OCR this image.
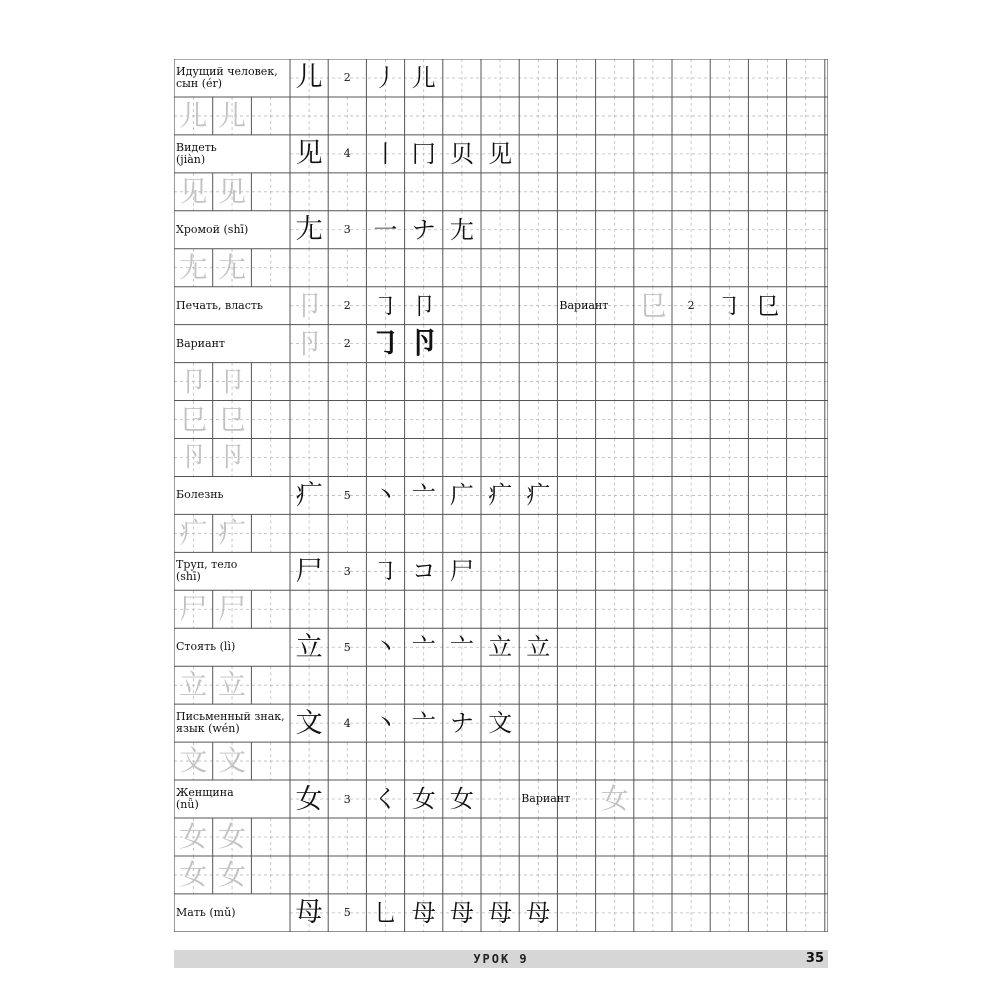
Идущий человек,
сын (ér)	儿	2 丿 儿
儿 儿
Видеть
(jiàn)	见	4 丨 冂 贝 见
见 见
Хромой (shī)	尢	3 一 ナ 尢
尢 尢
Печать, власть	卩	2 ㇆ 卩	Вариант	㔾	2 ㇆ 㔾
Вариант	卪	2 ㇆ 卪
卩 卩
㔾 㔾
卪 卪
Болезнь	疒	5 丶 亠 广 疒 疒
疒 疒
Труп, тело
(shī)	尸	3 ㇆ コ 尸
尸 尸
Стоять (lì)	立	5 丶 亠 亠 立 立
立 立
Письменный знак,
язык (wén)	文	4 丶 亠 ナ 文
文 文
Женщина
(nǚ)	女	3 く 女 女	Вариант	女
女 女
女 女
Мать (mǔ)	母	5 乚 母 母 母 母
УРОК 9	35
